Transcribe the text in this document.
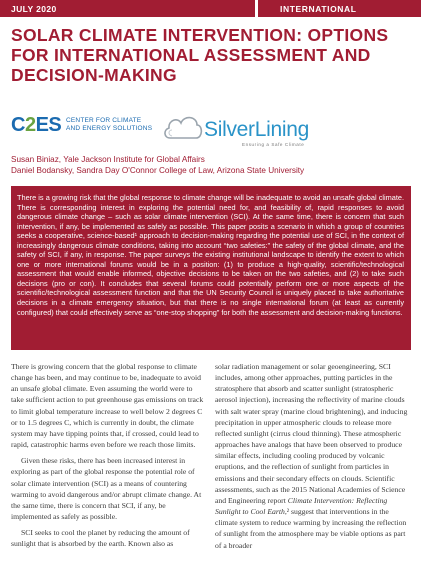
JULY 2020	INTERNATIONAL
SOLAR CLIMATE INTERVENTION: OPTIONS FOR INTERNATIONAL ASSESSMENT AND DECISION-MAKING
C2ES CENTER FOR CLIMATE AND ENERGY SOLUTIONS SilverLining
Ensuring a Safe Climate
Susan Biniaz, Yale Jackson Institute for Global Affairs
Daniel Bodansky, Sandra Day O'Connor College of Law, Arizona State University

There is a growing risk that the global response to climate change will be inadequate to avoid an unsafe global climate. There is corresponding interest in exploring the potential need for, and feasibility of, rapid responses to avoid dangerous climate change – such as solar climate intervention (SCI). At the same time, there is concern that such intervention, if any, be implemented as safely as possible. This paper posits a scenario in which a group of countries seeks a cooperative, science-based¹ approach to decision-making regarding the potential use of SCI, in the context of increasingly dangerous climate conditions, taking into account “two safeties:” the safety of the global climate, and the safety of SCI, if any, in response. The paper surveys the existing institutional landscape to identify the extent to which one or more international forums would be in a position: (1) to produce a high-quality, scientific/technological assessment that would enable informed, objective decisions to be taken on the two safeties, and (2) to take such decisions (pro or con). It concludes that several forums could potentially perform one or more aspects of the scientific/technological assessment function and that the UN Security Council is uniquely placed to take authoritative decisions in a climate emergency situation, but that there is no single international forum (at least as currently configured) that could effectively serve as “one-stop shopping” for both the assessment and decision-making functions.

There is growing concern that the global response to climate change has been, and may continue to be, inadequate to avoid an unsafe global climate. Even assuming the world were to take sufficient action to put greenhouse gas emissions on track to limit global temperature increase to well below 2 degrees C or to 1.5 degrees C, which is currently in doubt, the climate system may have tipping points that, if crossed, could lead to rapid, catastrophic harms even before we reach those limits.

Given these risks, there has been increased interest in exploring as part of the global response the potential role of solar climate intervention (SCI) as a means of countering warming to avoid dangerous and/or abrupt climate change. At the same time, there is concern that SCI, if any, be implemented as safely as possible.

SCI seeks to cool the planet by reducing the amount of sunlight that is absorbed by the earth. Known also as

solar radiation management or solar geoengineering, SCI includes, among other approaches, putting particles in the stratosphere that absorb and scatter sunlight (stratospheric aerosol injection), increasing the reflectivity of marine clouds with salt water spray (marine cloud brightening), and inducing precipitation in upper atmospheric clouds to release more reflected sunlight (cirrus cloud thinning). These atmospheric approaches have analogs that have been observed to produce similar effects, including cooling produced by volcanic eruptions, and the reflection of sunlight from particles in emissions and their secondary effects on clouds. Scientific assessments, such as the 2015 National Academies of Science and Engineering report Climate Intervention: Reflecting Sunlight to Cool Earth,² suggest that interventions in the climate system to reduce warming by increasing the reflection of sunlight from the atmosphere may be viable options as part of a broader
